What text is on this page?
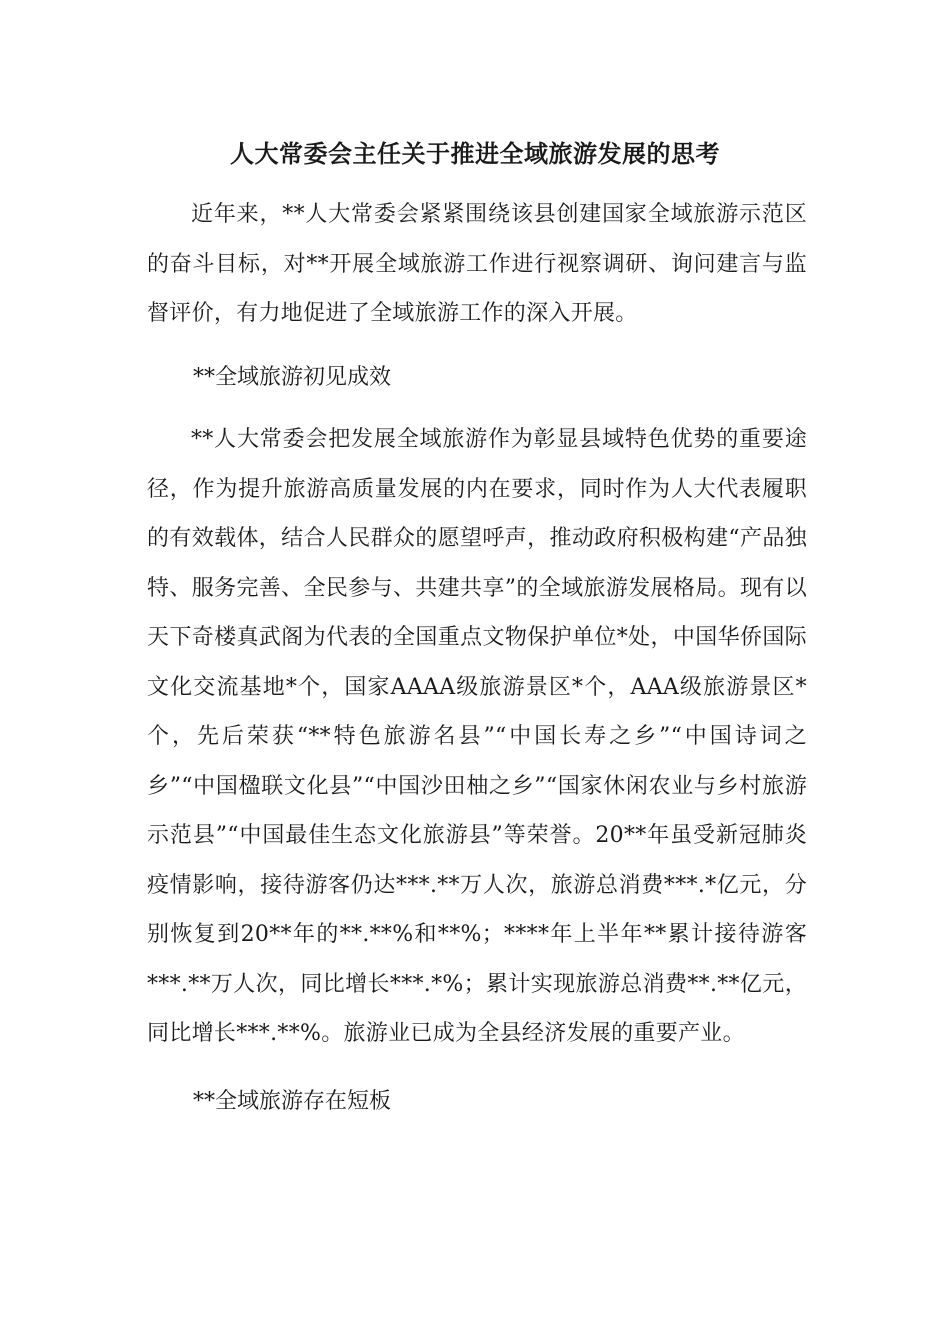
人大常委会主任关于推进全域旅游发展的思考

近年来，**人大常委会紧紧围绕该县创建国家全域旅游示范区的奋斗目标，对**开展全域旅游工作进行视察调研、询问建言与监督评价，有力地促进了全域旅游工作的深入开展。

**全域旅游初见成效

**人大常委会把发展全域旅游作为彰显县域特色优势的重要途径，作为提升旅游高质量发展的内在要求，同时作为人大代表履职的有效载体，结合人民群众的愿望呼声，推动政府积极构建“产品独特、服务完善、全民参与、共建共享”的全域旅游发展格局。现有以天下奇楼真武阁为代表的全国重点文物保护单位*处，中国华侨国际文化交流基地*个，国家AAAA级旅游景区*个，AAA级旅游景区*个，先后荣获“**特色旅游名县”“中国长寿之乡”“中国诗词之乡”“中国楹联文化县”“中国沙田柚之乡”“国家休闲农业与乡村旅游示范县”“中国最佳生态文化旅游县”等荣誉。20**年虽受新冠肺炎疫情影响，接待游客仍达***.**万人次，旅游总消费***.*亿元，分别恢复到20**年的**.**%和**%；****年上半年**累计接待游客***.**万人次，同比增长***.*%；累计实现旅游总消费**.**亿元，同比增长***.**%。旅游业已成为全县经济发展的重要产业。

**全域旅游存在短板
